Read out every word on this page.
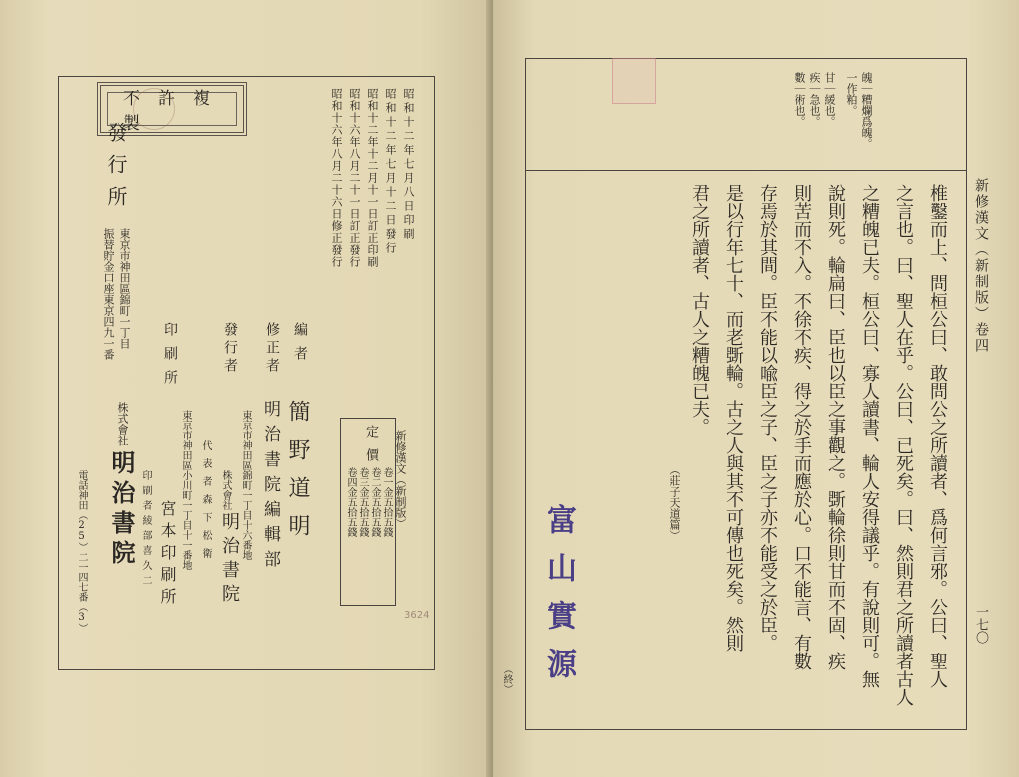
不許複製	昭和十二年七月八日印刷
昭和十二年七月十二日發行
昭和十二年十二月十一日訂正印刷
昭和十六年八月二十一日訂正發行
昭和十六年八月二十六日修正發行
新修漢文（新制版）
定價
卷一金五拾五錢
卷二金五拾五錢
卷三金五拾五錢
卷四金五拾五錢
編者
簡野道明
修正者
明治書院編輯部
東京市神田區錦町一丁目十六番地
發行者
株式會社
明治書院
代表者森下松衛
印刷所
宮本印刷所 東京市神田區小川町一丁目十一番地
印刷者綾部喜久二
發行所
東京市神田區錦町一丁目
振替貯金口座東京四九一番
株式會社
明治書院
電話神田（25）二一四七番（3）	3624
新修漢文（新制版）卷四
一七〇
魄｜糟爛爲魄。
一作粕。
甘｜緩也。
疾｜急也。
數｜術也。
椎鑿而上、問桓公曰、敢問公之所讀者、爲何言邪。公曰、聖人
之言也。曰、聖人在乎。公曰、已死矣。曰、然則君之所讀者古人
之糟魄已夫。桓公曰、寡人讀書、輪人安得議乎。有說則可。無
說則死。輪扁曰、臣也以臣之事觀之。斲輪徐則甘而不固、疾
則苦而不入。不徐不疾、得之於手而應於心。口不能言、有數
存焉於其間。臣不能以喩臣之子、臣之子亦不能受之於臣。
是以行年七十、而老斲輪。古之人與其不可傳也死矣。然則
君之所讀者、古人之糟魄已夫。
（莊子天道篇）
富山實源
（終）
